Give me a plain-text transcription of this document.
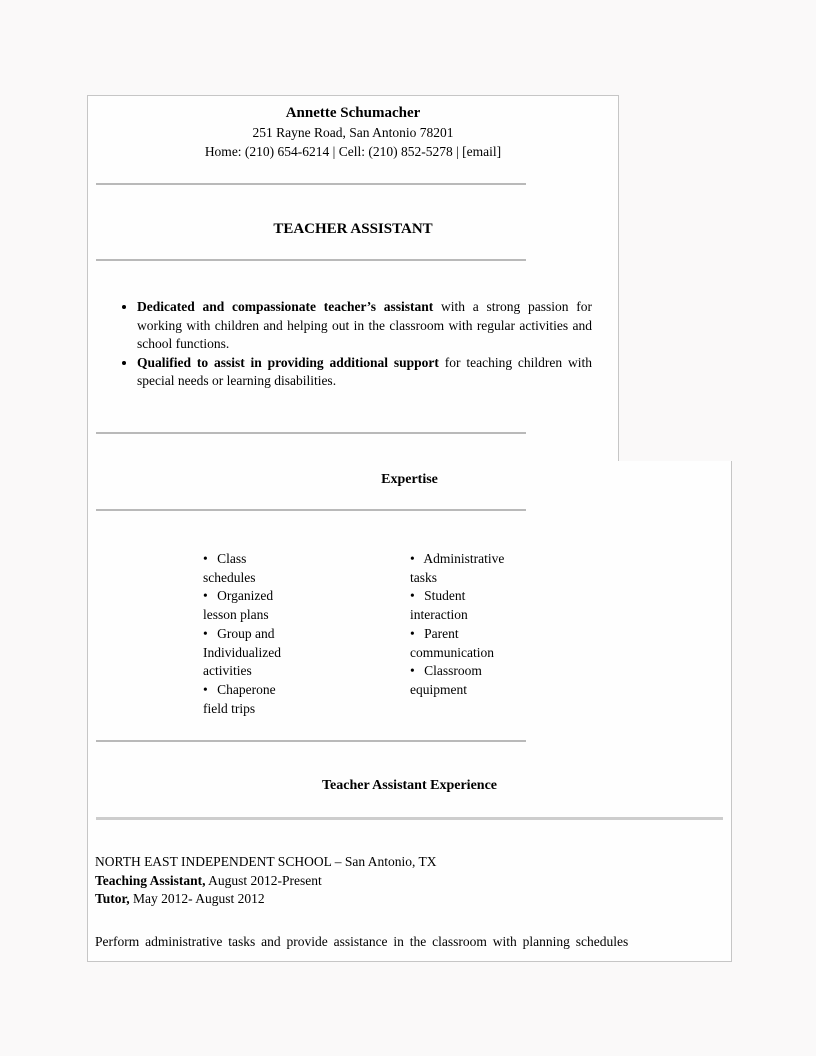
Annette Schumacher
251 Rayne Road, San Antonio 78201
Home: (210) 654-6214 | Cell: (210) 852-5278 | [email]
TEACHER ASSISTANT
• Dedicated and compassionate teacher’s assistant with a strong passion for working with children and helping out in the classroom with regular activities and school functions.
• Qualified to assist in providing additional support for teaching children with special needs or learning disabilities.
Expertise
• Class schedules
• Organized lesson plans
• Group and Individualized activities
• Chaperone field trips
• Administrative tasks
• Student interaction
• Parent communication
• Classroom equipment
Teacher Assistant Experience
NORTH EAST INDEPENDENT SCHOOL – San Antonio, TX
Teaching Assistant, August 2012-Present
Tutor, May 2012- August 2012
Perform administrative tasks and provide assistance in the classroom with planning schedules
